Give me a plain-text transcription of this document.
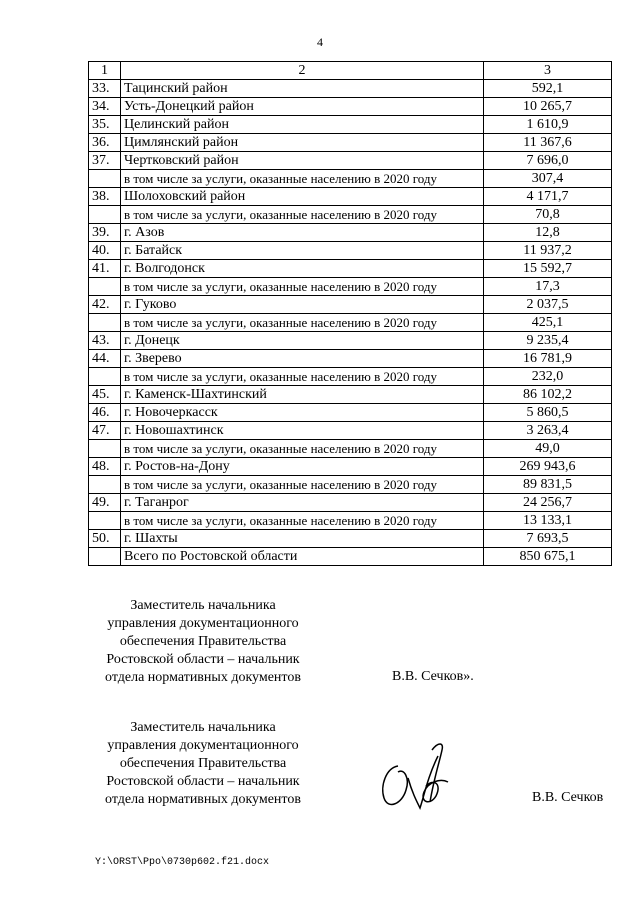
4
1	2	3
33.	Тацинский район	592,1
34.	Усть-Донецкий район	10 265,7
35.	Целинский район	1 610,9
36.	Цимлянский район	11 367,6
37.	Чертковский район	7 696,0
	в том числе за услуги, оказанные населению в 2020 году	307,4
38.	Шолоховский район	4 171,7
	в том числе за услуги, оказанные населению в 2020 году	70,8
39.	г. Азов	12,8
40.	г. Батайск	11 937,2
41.	г. Волгодонск	15 592,7
	в том числе за услуги, оказанные населению в 2020 году	17,3
42.	г. Гуково	2 037,5
	в том числе за услуги, оказанные населению в 2020 году	425,1
43.	г. Донецк	9 235,4
44.	г. Зверево	16 781,9
	в том числе за услуги, оказанные населению в 2020 году	232,0
45.	г. Каменск-Шахтинский	86 102,2
46.	г. Новочеркасск	5 860,5
47.	г. Новошахтинск	3 263,4
	в том числе за услуги, оказанные населению в 2020 году	49,0
48.	г. Ростов-на-Дону	269 943,6
	в том числе за услуги, оказанные населению в 2020 году	89 831,5
49.	г. Таганрог	24 256,7
	в том числе за услуги, оказанные населению в 2020 году	13 133,1
50.	г. Шахты	7 693,5
	Всего по Ростовской области	850 675,1
Заместитель начальника
управления документационного
обеспечения Правительства
Ростовской области – начальник
отдела нормативных документов	В.В. Сечков».
Заместитель начальника
управления документационного
обеспечения Правительства
Ростовской области – начальник
отдела нормативных документов	В.В. Сечков
Y:\ORST\Ppo\0730p602.f21.docx
